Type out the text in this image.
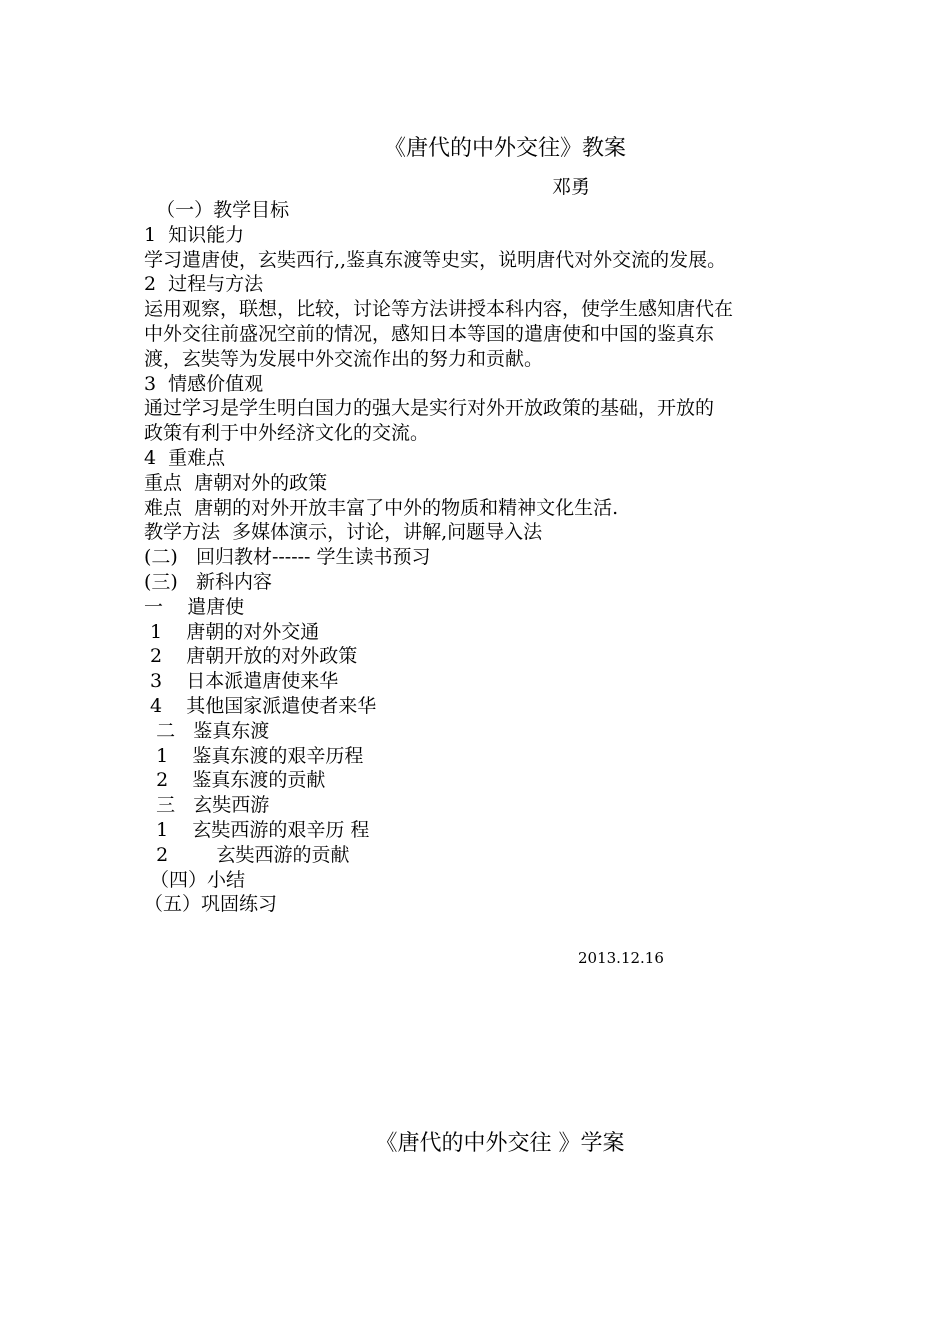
《唐代的中外交往》教案
邓勇
（一）教学目标
1  知识能力
学习遣唐使，玄奘西行,,鉴真东渡等史实，说明唐代对外交流的发展。
2  过程与方法
运用观察，联想，比较，讨论等方法讲授本科内容，使学生感知唐代在
中外交往前盛况空前的情况，感知日本等国的遣唐使和中国的鉴真东
渡，玄奘等为发展中外交流作出的努力和贡献。
3  情感价值观
通过学习是学生明白国力的强大是实行对外开放政策的基础，开放的
政策有利于中外经济文化的交流。
4  重难点
重点  唐朝对外的政策
难点  唐朝的对外开放丰富了中外的物质和精神文化生活.
教学方法  多媒体演示，讨论，讲解,问题导入法
(二)   回归教材------ 学生读书预习
(三)   新科内容
一    遣唐使
1    唐朝的对外交通
2    唐朝开放的对外政策
3    日本派遣唐使来华
4    其他国家派遣使者来华
二   鉴真东渡
1    鉴真东渡的艰辛历程
2    鉴真东渡的贡献
三   玄奘西游
1    玄奘西游的艰辛历 程
2        玄奘西游的贡献
（四）小结
（五）巩固练习
2013.12.16
《唐代的中外交往 》学案
